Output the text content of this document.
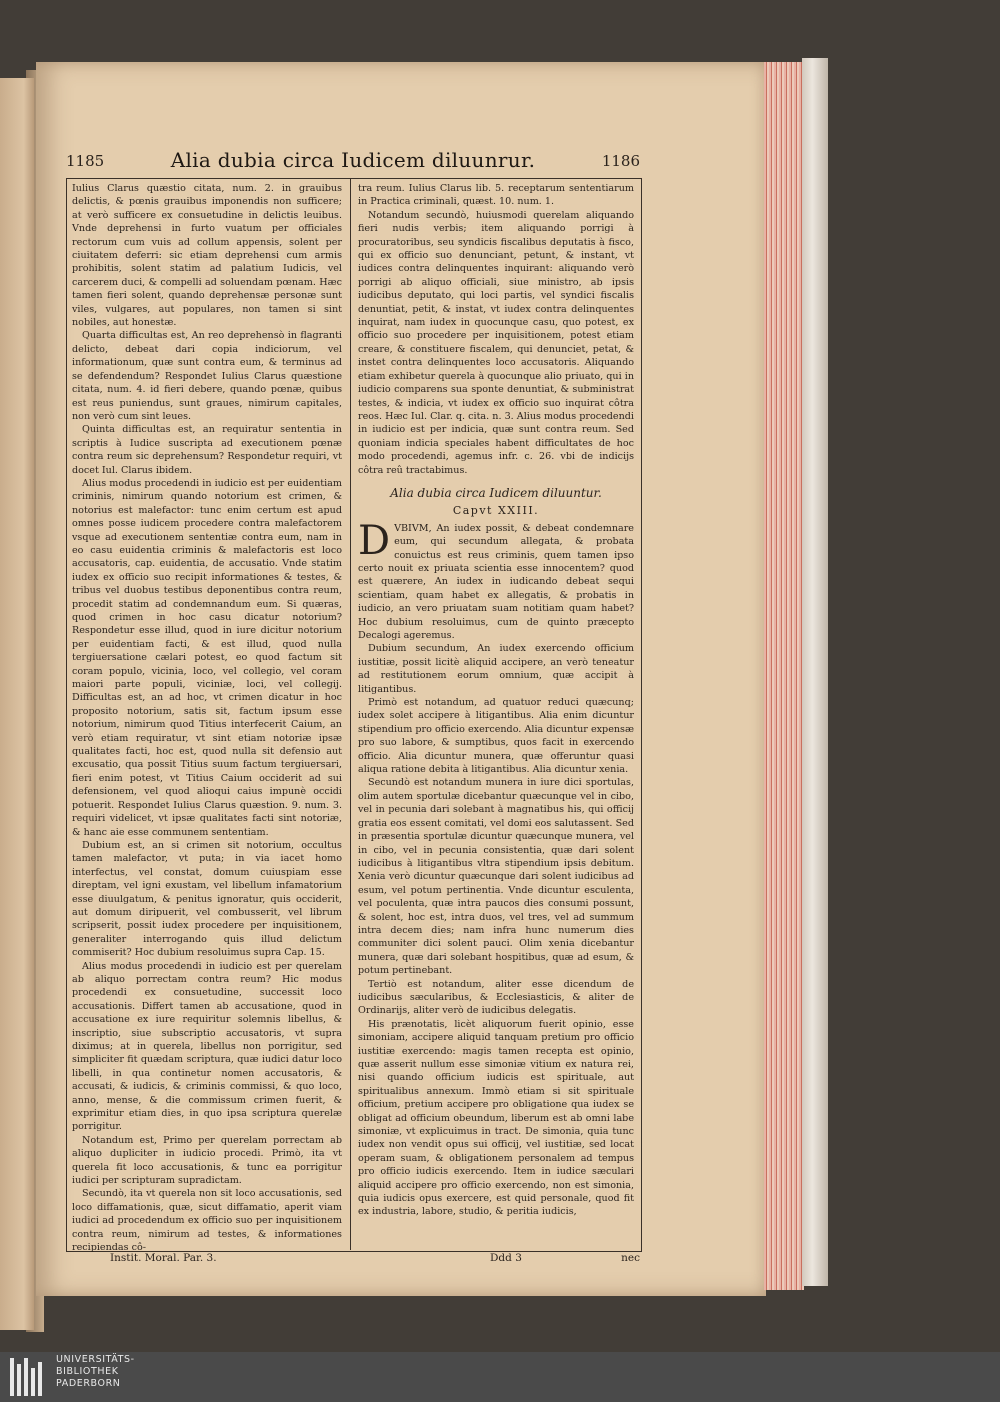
1185	Alia dubia circa Iudicem diluunrur.	1186

Iulius Clarus quæstio citata, num. 2. in grauibus delictis, & pœnis grauibus imponendis non sufficere; at verò sufficere ex consuetudine in delictis leuibus. Vnde deprehensi in furto vuatum per officiales rectorum cum vuis ad collum appensis, solent per ciuitatem deferri: sic etiam deprehensi cum armis prohibitis, solent statim ad palatium Iudicis, vel carcerem duci, & compelli ad soluendam pœnam. Hæc tamen fieri solent, quando deprehensæ personæ sunt viles, vulgares, aut populares, non tamen si sint nobiles, aut honestæ.

Quarta difficultas est, An reo deprehensò in flagranti delicto, debeat dari copia indiciorum, vel informationum, quæ sunt contra eum, & terminus ad se defendendum? Respondet Iulius Clarus quæstione citata, num. 4. id fieri debere, quando pœnæ, quibus est reus puniendus, sunt graues, nimirum capitales, non verò cum sint leues.

Quinta difficultas est, an requiratur sententia in scriptis à Iudice suscripta ad executionem pœnæ contra reum sic deprehensum? Respondetur requiri, vt docet Iul. Clarus ibidem.

Alius modus procedendi in iudicio est per euidentiam criminis, nimirum quando notorium est crimen, & notorius est malefactor: tunc enim certum est apud omnes posse iudicem procedere contra malefactorem vsque ad executionem sententiæ contra eum, nam in eo casu euidentia criminis & malefactoris est loco accusatoris, cap. euidentia, de accusatio. Vnde statim iudex ex officio suo recipit informationes & testes, & tribus vel duobus testibus deponentibus contra reum, procedit statim ad condemnandum eum. Si quæras, quod crimen in hoc casu dicatur notorium? Respondetur esse illud, quod in iure dicitur notorium per euidentiam facti, & est illud, quod nulla tergiuersatione cælari potest, eo quod factum sit coram populo, vicinia, loco, vel collegio, vel coram maiori parte populi, viciniæ, loci, vel collegij. Difficultas est, an ad hoc, vt crimen dicatur in hoc proposito notorium, satis sit, factum ipsum esse notorium, nimirum quod Titius interfecerit Caium, an verò etiam requiratur, vt sint etiam notoriæ ipsæ qualitates facti, hoc est, quod nulla sit defensio aut excusatio, qua possit Titius suum factum tergiuersari, fieri enim potest, vt Titius Caium occiderit ad sui defensionem, vel quod alioqui caius impunè occidi potuerit. Respondet Iulius Clarus quæstion. 9. num. 3. requiri videlicet, vt ipsæ qualitates facti sint notoriæ, & hanc aie esse communem sententiam.

Dubium est, an si crimen sit notorium, occultus tamen malefactor, vt puta; in via iacet homo interfectus, vel constat, domum cuiuspiam esse direptam, vel igni exustam, vel libellum infamatorium esse diuulgatum, & penitus ignoratur, quis occiderit, aut domum diripuerit, vel combusserit, vel librum scripserit, possit iudex procedere per inquisitionem, generaliter interrogando quis illud delictum commiserit? Hoc dubium resoluimus supra Cap. 15.

Alius modus procedendi in iudicio est per querelam ab aliquo porrectam contra reum? Hic modus procedendi ex consuetudine, successit loco accusationis. Differt tamen ab accusatione, quod in accusatione ex iure requiritur solemnis libellus, & inscriptio, siue subscriptio accusatoris, vt supra diximus; at in querela, libellus non porrigitur, sed simpliciter fit quædam scriptura, quæ iudici datur loco libelli, in qua continetur nomen accusatoris, & accusati, & iudicis, & criminis commissi, & quo loco, anno, mense, & die commissum crimen fuerit, & exprimitur etiam dies, in quo ipsa scriptura querelæ porrigitur.

Notandum est, Primo per querelam porrectam ab aliquo dupliciter in iudicio procedi. Primò, ita vt querela fit loco accusationis, & tunc ea porrigitur iudici per scripturam supradictam.

Secundò, ita vt querela non sit loco accusationis, sed loco diffamationis, quæ, sicut diffamatio, aperit viam iudici ad procedendum ex officio suo per inquisitionem contra reum, nimirum ad testes, & informationes recipiendas cô-

tra reum. Iulius Clarus lib. 5. receptarum sententiarum in Practica criminali, quæst. 10. num. 1.

Notandum secundò, huiusmodi querelam aliquando fieri nudis verbis; item aliquando porrigi à procuratoribus, seu syndicis fiscalibus deputatis à fisco, qui ex officio suo denunciant, petunt, & instant, vt iudices contra delinquentes inquirant: aliquando verò porrigi ab aliquo officiali, siue ministro, ab ipsis iudicibus deputato, qui loci partis, vel syndici fiscalis denuntiat, petit, & instat, vt iudex contra delinquentes inquirat, nam iudex in quocunque casu, quo potest, ex officio suo procedere per inquisitionem, potest etiam creare, & constituere fiscalem, qui denunciet, petat, & instet contra delinquentes loco accusatoris. Aliquando etiam exhibetur querela à quocunque alio priuato, qui in iudicio comparens sua sponte denuntiat, & subministrat testes, & indicia, vt iudex ex officio suo inquirat côtra reos. Hæc Iul. Clar. q. cita. n. 3. Alius modus procedendi in iudicio est per indicia, quæ sunt contra reum. Sed quoniam indicia speciales habent difficultates de hoc modo procedendi, agemus infr. c. 26. vbi de indicijs côtra reû tractabimus.

Alia dubia circa Iudicem diluuntur.
Capvt XXIII.

DVBIVM, An iudex possit, & debeat condemnare eum, qui secundum allegata, & probata conuictus est reus criminis, quem tamen ipso certo nouit ex priuata scientia esse innocentem? quod est quærere, An iudex in iudicando debeat sequi scientiam, quam habet ex allegatis, & probatis in iudicio, an vero priuatam suam notitiam quam habet? Hoc dubium resoluimus, cum de quinto præcepto Decalogi ageremus.

Dubium secundum, An iudex exercendo officium iustitiæ, possit licitè aliquid accipere, an verò teneatur ad restitutionem eorum omnium, quæ accipit à litigantibus.

Primò est notandum, ad quatuor reduci quæcunq; iudex solet accipere à litigantibus. Alia enim dicuntur stipendium pro officio exercendo. Alia dicuntur expensæ pro suo labore, & sumptibus, quos facit in exercendo officio. Alia dicuntur munera, quæ offeruntur quasi aliqua ratione debita à litigantibus. Alia dicuntur xenia.

Secundò est notandum munera in iure dici sportulas, olim autem sportulæ dicebantur quæcunque vel in cibo, vel in pecunia dari solebant à magnatibus his, qui officij gratia eos essent comitati, vel domi eos salutassent. Sed in præsentia sportulæ dicuntur quæcunque munera, vel in cibo, vel in pecunia consistentia, quæ dari solent iudicibus à litigantibus vltra stipendium ipsis debitum. Xenia verò dicuntur quæcunque dari solent iudicibus ad esum, vel potum pertinentia. Vnde dicuntur esculenta, vel poculenta, quæ intra paucos dies consumi possunt, & solent, hoc est, intra duos, vel tres, vel ad summum intra decem dies; nam infra hunc numerum dies communiter dici solent pauci. Olim xenia dicebantur munera, quæ dari solebant hospitibus, quæ ad esum, & potum pertinebant.

Tertiò est notandum, aliter esse dicendum de iudicibus sæcularibus, & Ecclesiasticis, & aliter de Ordinarijs, aliter verò de iudicibus delegatis.

His prænotatis, licèt aliquorum fuerit opinio, esse simoniam, accipere aliquid tanquam pretium pro officio iustitiæ exercendo: magis tamen recepta est opinio, quæ asserit nullum esse simoniæ vitium ex natura rei, nisi quando officium iudicis est spirituale, aut spiritualibus annexum. Immò etiam si sit spirituale officium, pretium accipere pro obligatione qua iudex se obligat ad officium obeundum, liberum est ab omni labe simoniæ, vt explicuimus in tract. De simonia, quia tunc iudex non vendit opus sui officij, vel iustitiæ, sed locat operam suam, & obligationem personalem ad tempus pro officio iudicis exercendo. Item in iudice sæculari aliquid accipere pro officio exercendo, non est simonia, quia iudicis opus exercere, est quid personale, quod fit ex industria, labore, studio, & peritia iudicis,

Instit. Moral. Par. 3.	Ddd 3	nec
UNIVERSITÄTS-
BIBLIOTHEK
PADERBORN
